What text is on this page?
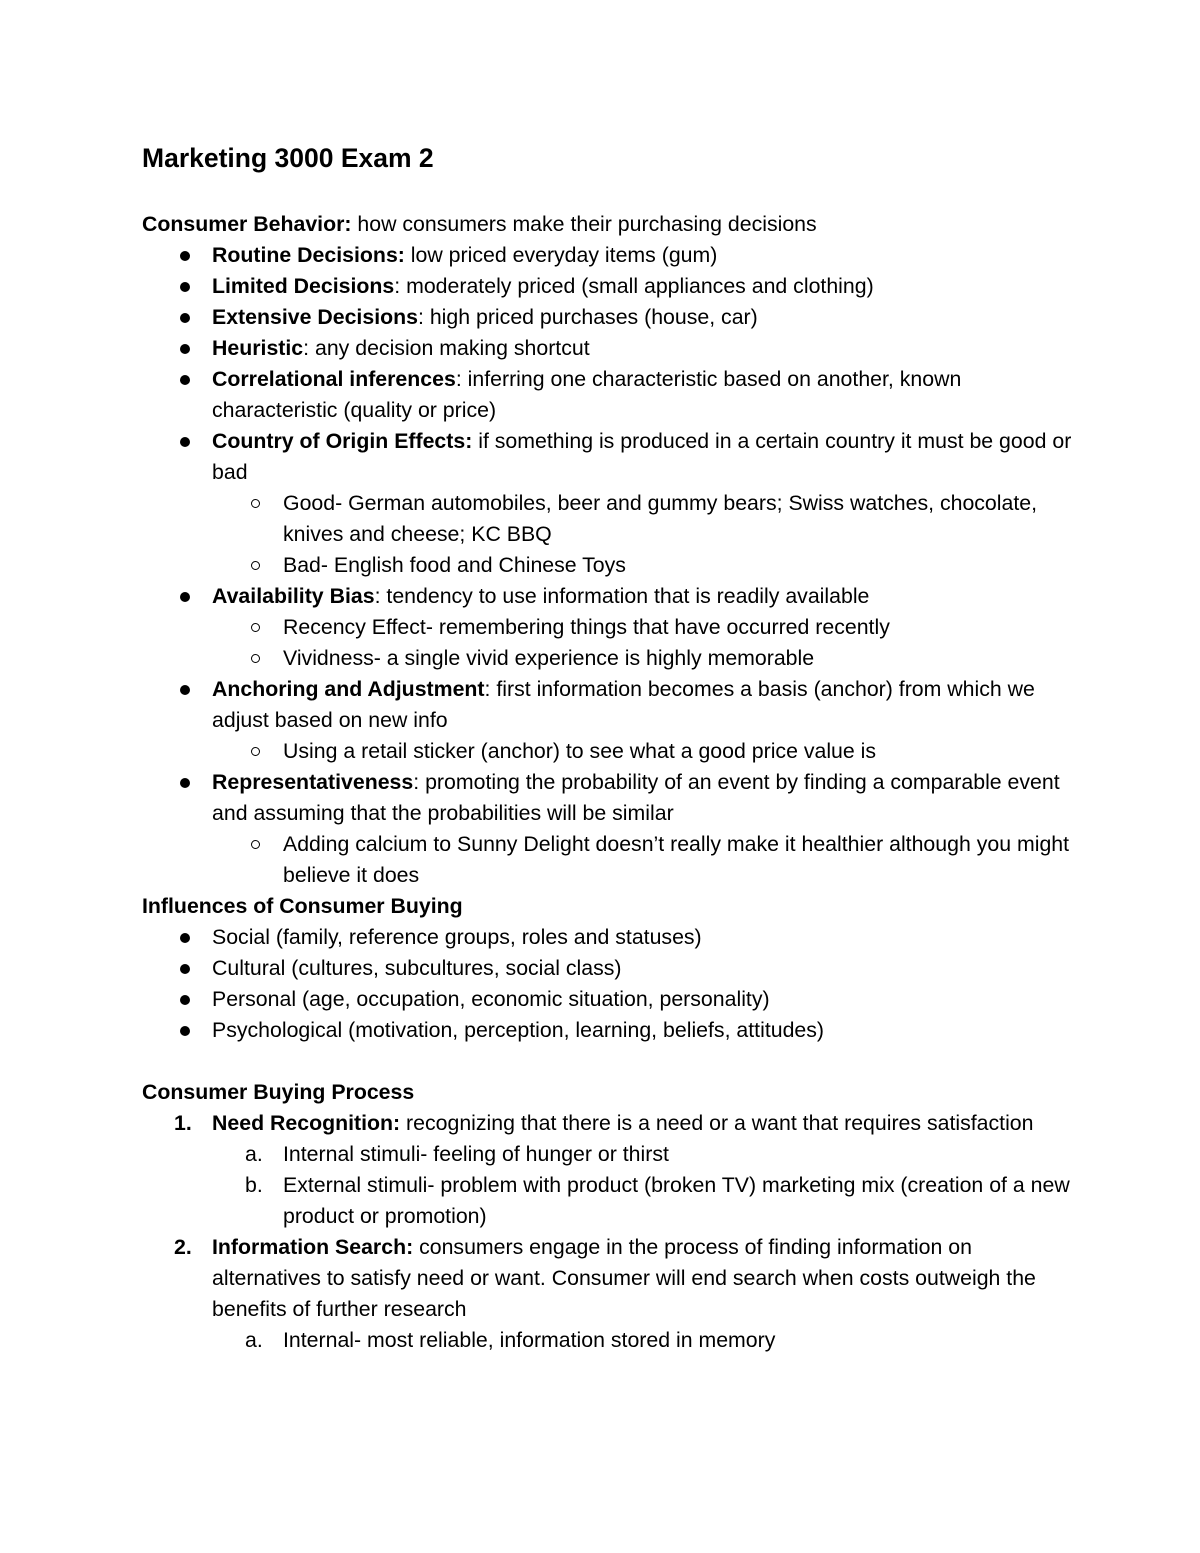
Marketing 3000 Exam 2

Consumer Behavior: how consumers make their purchasing decisions

Routine Decisions: low priced everyday items (gum)
Limited Decisions: moderately priced (small appliances and clothing)
Extensive Decisions: high priced purchases (house, car)
Heuristic: any decision making shortcut
Correlational inferences: inferring one characteristic based on another, known characteristic (quality or price)
Country of Origin Effects: if something is produced in a certain country it must be good or bad
Good- German automobiles, beer and gummy bears; Swiss watches, chocolate, knives and cheese; KC BBQ
Bad- English food and Chinese Toys
Availability Bias: tendency to use information that is readily available
Recency Effect- remembering things that have occurred recently
Vividness- a single vivid experience is highly memorable
Anchoring and Adjustment: first information becomes a basis (anchor) from which we adjust based on new info
Using a retail sticker (anchor) to see what a good price value is
Representativeness: promoting the probability of an event by finding a comparable event and assuming that the probabilities will be similar
Adding calcium to Sunny Delight doesn’t really make it healthier although you might believe it does

Influences of Consumer Buying

Social (family, reference groups, roles and statuses)
Cultural (cultures, subcultures, social class)
Personal (age, occupation, economic situation, personality)
Psychological (motivation, perception, learning, beliefs, attitudes)

Consumer Buying Process

1. Need Recognition: recognizing that there is a need or a want that requires satisfaction
a. Internal stimuli- feeling of hunger or thirst
b. External stimuli- problem with product (broken TV) marketing mix (creation of a new product or promotion)
2. Information Search: consumers engage in the process of finding information on alternatives to satisfy need or want. Consumer will end search when costs outweigh the benefits of further research
a. Internal- most reliable, information stored in memory
